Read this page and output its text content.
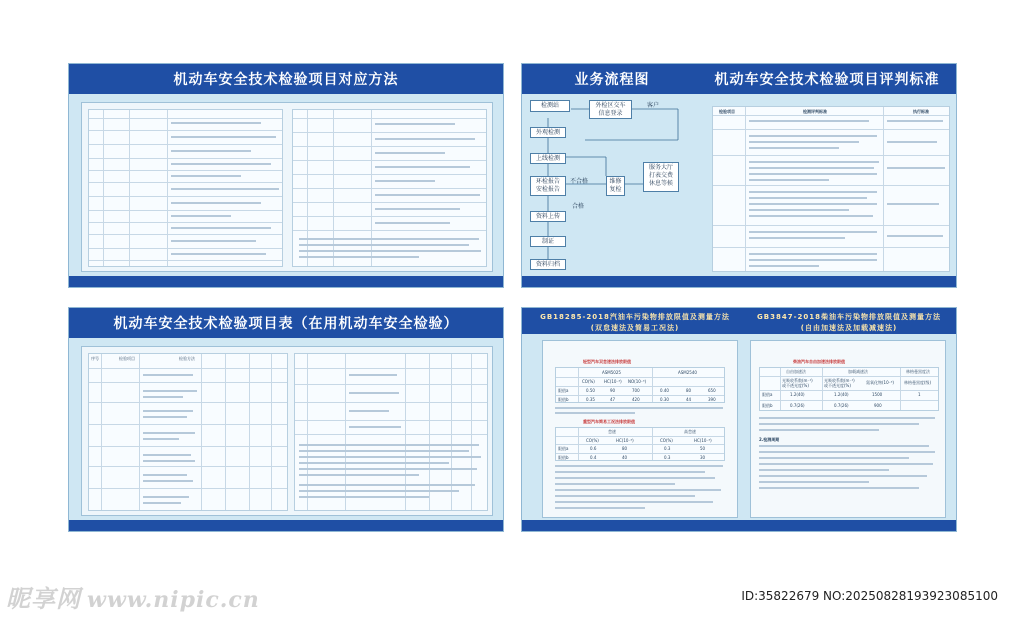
机动车安全技术检验项目对应方法	业务流程图	机动车安全技术检验项目评判标准
检测站	外检区交车
信息登录
客户
外观检测
上线检测
环检报告
安检报告
不合格	维修
复检
服务大厅
打表交费
休息等候
合格
资料上传
制证
资料归档
检验项目	检测评判标准	执行标准
机动车安全技术检验项目表（在用机动车安全检验）
序号	检验项目	检验方法
GB18285-2018汽油车污染物排放限值及测量方法
(双怠速法及简易工况法)
GB3847-2018柴油车污染物排放限值及测量方法
(自由加速法及加载减速法)
轻型汽车双怠速法排放限值
ASM5025	ASM2540
CO(%) HC(10⁻⁶) NO(10⁻⁶)
限值a	0.50	90	700	0.40	80	650
限值b	0.35	47	420	0.30	44	390
重型汽车简易工况法排放限值
怠速	高怠速
CO(%)	HC(10⁻⁶)	CO(%)	HC(10⁻⁶)
限值a	0.6	80	0.3	50
限值b	0.4	40	0.3	30
柴油汽车自由加速法排放限值
自由加速法	加载减速法	林格曼黑度法
光吸收系数(m⁻¹)
或不透光度(%)
光吸收系数(m⁻¹)
或不透光度(%)
氮氧化物(10⁻⁶)	林格曼黑度(级)
限值a	1.2(40)	1.2(40)	1500	1
限值b	0.7(26)	0.7(26)	900
2.检测周期
昵享网 www.nipic.cn	ID:35822679 NO:20250828193923085100
